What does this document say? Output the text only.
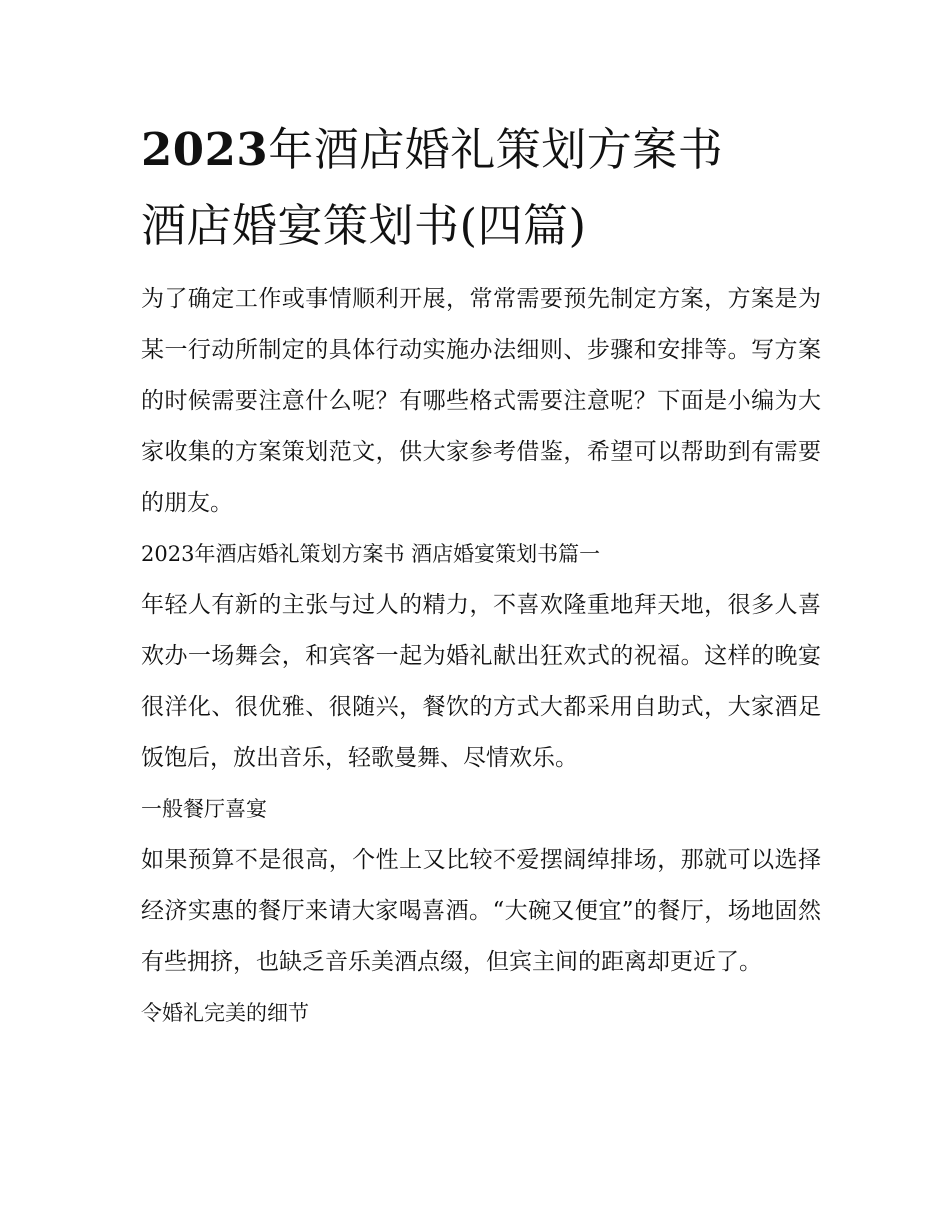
2023年酒店婚礼策划方案书
酒店婚宴策划书(四篇)

为了确定工作或事情顺利开展，常常需要预先制定方案，方案是为某一行动所制定的具体行动实施办法细则、步骤和安排等。写方案的时候需要注意什么呢？有哪些格式需要注意呢？下面是小编为大家收集的方案策划范文，供大家参考借鉴，希望可以帮助到有需要的朋友。

2023年酒店婚礼策划方案书 酒店婚宴策划书篇一

年轻人有新的主张与过人的精力，不喜欢隆重地拜天地，很多人喜欢办一场舞会，和宾客一起为婚礼献出狂欢式的祝福。这样的晚宴很洋化、很优雅、很随兴，餐饮的方式大都采用自助式，大家酒足饭饱后，放出音乐，轻歌曼舞、尽情欢乐。

一般餐厅喜宴

如果预算不是很高，个性上又比较不爱摆阔绰排场，那就可以选择经济实惠的餐厅来请大家喝喜酒。“大碗又便宜”的餐厅，场地固然有些拥挤，也缺乏音乐美酒点缀，但宾主间的距离却更近了。

令婚礼完美的细节
